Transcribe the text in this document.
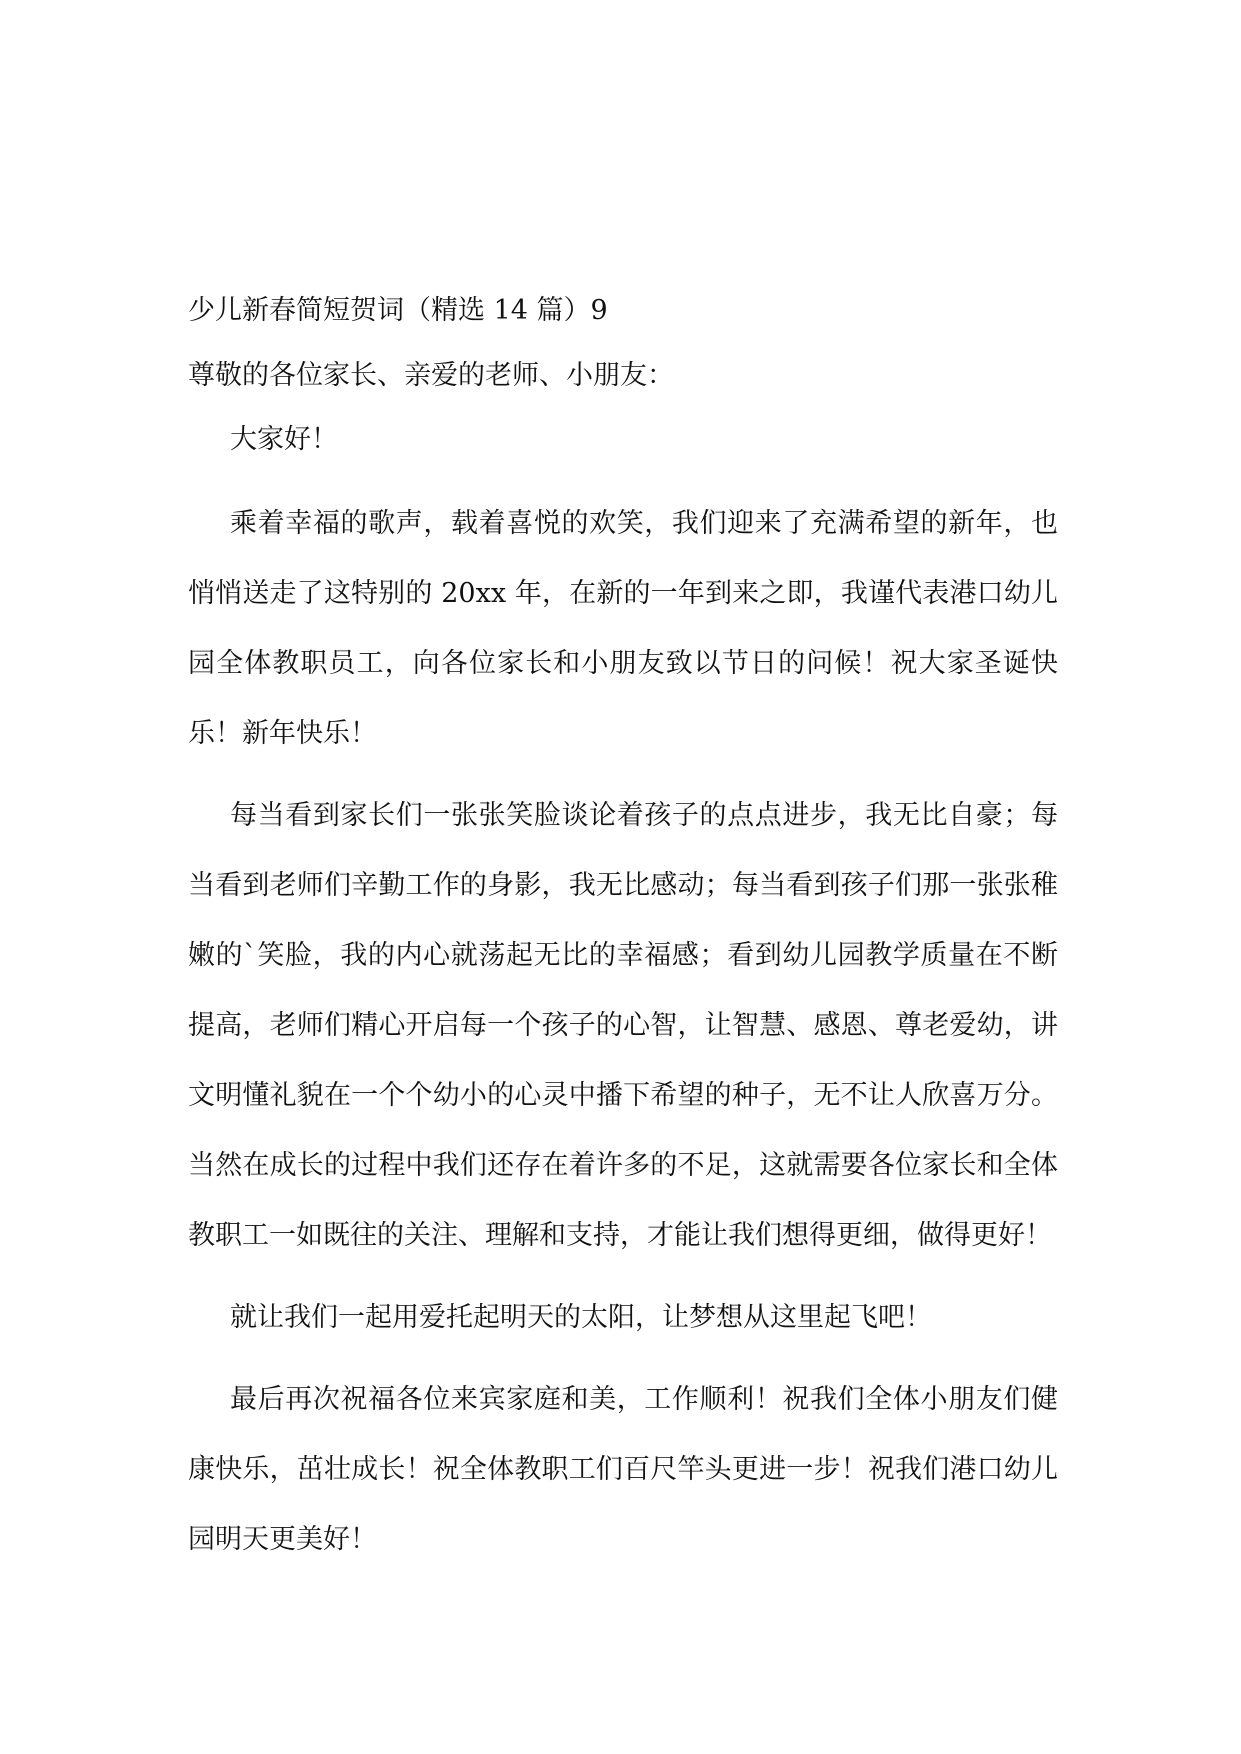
少儿新春简短贺词（精选 14 篇）9

尊敬的各位家长、亲爱的老师、小朋友：

大家好！

乘着幸福的歌声，载着喜悦的欢笑，我们迎来了充满希望的新年，也悄悄送走了这特别的 20xx 年，在新的一年到来之即，我谨代表港口幼儿园全体教职员工，向各位家长和小朋友致以节日的问候！祝大家圣诞快乐！新年快乐！

每当看到家长们一张张笑脸谈论着孩子的点点进步，我无比自豪；每当看到老师们辛勤工作的身影，我无比感动；每当看到孩子们那一张张稚嫩的`笑脸，我的内心就荡起无比的幸福感；看到幼儿园教学质量在不断提高，老师们精心开启每一个孩子的心智，让智慧、感恩、尊老爱幼，讲文明懂礼貌在一个个幼小的心灵中播下希望的种子，无不让人欣喜万分。当然在成长的过程中我们还存在着许多的不足，这就需要各位家长和全体教职工一如既往的关注、理解和支持，才能让我们想得更细，做得更好！

就让我们一起用爱托起明天的太阳，让梦想从这里起飞吧！

最后再次祝福各位来宾家庭和美，工作顺利！祝我们全体小朋友们健康快乐，茁壮成长！祝全体教职工们百尺竿头更进一步！祝我们港口幼儿园明天更美好！
